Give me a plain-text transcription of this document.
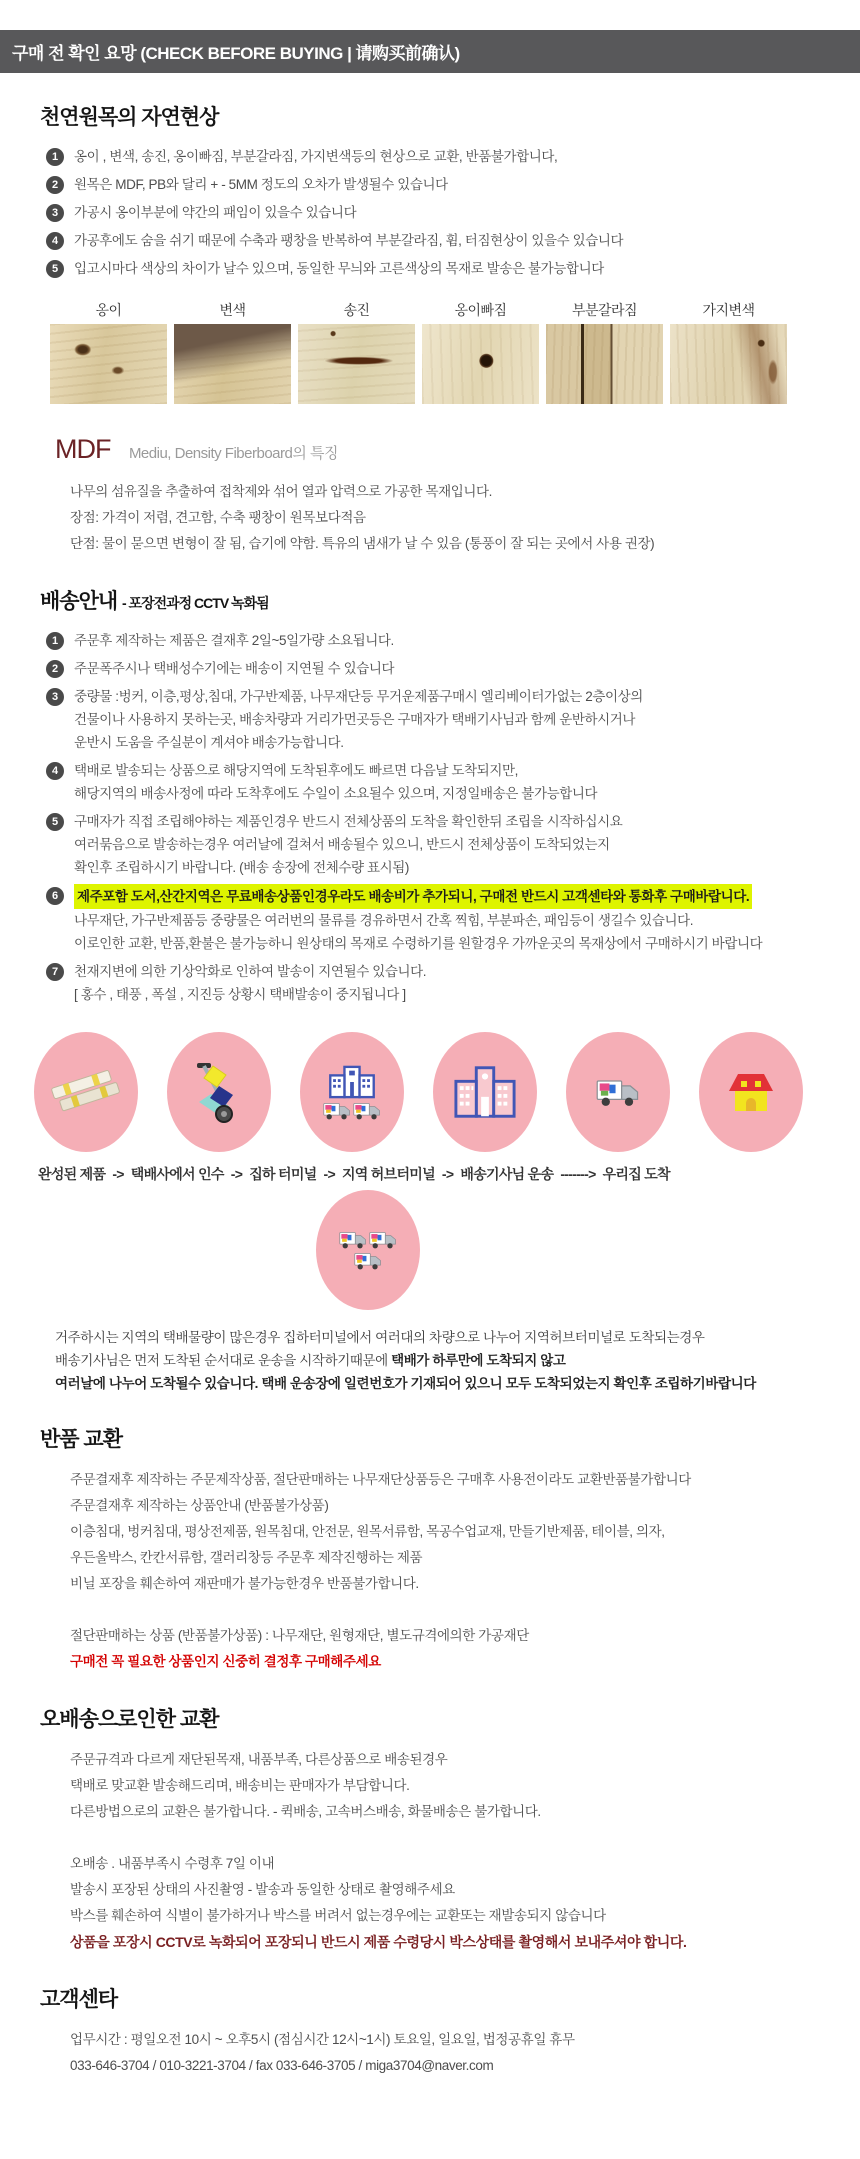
구매 전 확인 요망 (CHECK BEFORE BUYING | 请购买前确认)
천연원목의 자연현상
1	옹이 , 변색, 송진, 옹이빠짐, 부분갈라짐, 가지변색등의 현상으로 교환, 반품불가합니다,
2	원목은 MDF, PB와 달리 + - 5MM 정도의 오차가 발생될수 있습니다
3	가공시 옹이부분에 약간의 패임이 있을수 있습니다
4	가공후에도 숨을 쉬기 때문에 수축과 팽창을 반복하여 부분갈라짐, 휨, 터짐현상이 있을수 있습니다
5	입고시마다 색상의 차이가 날수 있으며, 동일한 무늬와 고른색상의 목재로 발송은 불가능합니다
옹이	변색	송진	옹이빠짐	부분갈라짐	가지변색
MDF Mediu, Density Fiberboard의 특징
나무의 섬유질을 추출하여 접착제와 섞어 열과 압력으로 가공한 목재입니다.
장점: 가격이 저렴, 견고함, 수축 팽창이 원목보다적음
단점: 물이 묻으면 변형이 잘 됨, 습기에 약함. 특유의 냄새가 날 수 있음 (통풍이 잘 되는 곳에서 사용 권장)
배송안내 - 포장전과정 CCTV 녹화됨
1	주문후 제작하는 제품은 결재후 2일~5일가량 소요됩니다.
2	주문폭주시나 택배성수기에는 배송이 지연될 수 있습니다
3	중량물 :벙커, 이층,평상,침대, 가구반제품, 나무재단등 무거운제품구매시 엘리베이터가없는 2층이상의
건물이나 사용하지 못하는곳, 배송차량과 거리가먼곳등은 구매자가 택배기사님과 함께 운반하시거나
운반시 도움을 주실분이 계셔야 배송가능합니다.
4	택배로 발송되는 상품으로 해당지역에 도착된후에도 빠르면 다음날 도착되지만,
해당지역의 배송사정에 따라 도착후에도 수일이 소요될수 있으며, 지정일배송은 불가능합니다
5	구매자가 직접 조립해야하는 제품인경우 반드시 전체상품의 도착을 확인한뒤 조립을 시작하십시요
여러묶음으로 발송하는경우 여러날에 걸쳐서 배송될수 있으니, 반드시 전체상품이 도착되었는지
확인후 조립하시기 바랍니다. (배송 송장에 전체수량 표시됨)
6	제주포함 도서,산간지역은 무료배송상품인경우라도 배송비가 추가되니, 구매전 반드시 고객센타와 통화후 구매바랍니다.
나무재단, 가구반제품등 중량물은 여러번의 물류를 경유하면서 간혹 찍힘, 부분파손, 패임등이 생길수 있습니다.
이로인한 교환, 반품,환불은 불가능하니 원상태의 목재로 수령하기를 원할경우 가까운곳의 목재상에서 구매하시기 바랍니다
7	천재지변에 의한 기상악화로 인하여 발송이 지연될수 있습니다.
[ 홍수 , 태풍 , 폭설 , 지진등 상황시 택배발송이 중지됩니다 ]
완성된 제품 -> 택배사에서 인수 -> 집하 터미널 -> 지역 허브터미널 -> 배송기사님 운송 -------> 우리집 도착
거주하시는 지역의 택배물량이 많은경우 집하터미널에서 여러대의 차량으로 나누어 지역허브터미널로 도착되는경우
배송기사님은 먼저 도착된 순서대로 운송을 시작하기때문에 택배가 하루만에 도착되지 않고
여러날에 나누어 도착될수 있습니다. 택배 운송장에 일련번호가 기재되어 있으니 모두 도착되었는지 확인후 조립하기바랍니다
반품 교환
주문결재후 제작하는 주문제작상품, 절단판매하는 나무재단상품등은 구매후 사용전이라도 교환반품불가합니다
주문결재후 제작하는 상품안내 (반품불가상품)
이층침대, 벙커침대, 평상전제품, 원목침대, 안전문, 원목서류함, 목공수업교재, 만들기반제품, 테이블, 의자,
우든올박스, 칸칸서류함, 갤러리창등 주문후 제작진행하는 제품
비닐 포장을 훼손하여 재판매가 불가능한경우 반품불가합니다.
절단판매하는 상품 (반품불가상품) : 나무재단, 원형재단, 별도규격에의한 가공재단
구매전 꼭 필요한 상품인지 신중히 결정후 구매해주세요
오배송으로인한 교환
주문규격과 다르게 재단된목재, 내품부족, 다른상품으로 배송된경우
택배로 맞교환 발송해드리며, 배송비는 판매자가 부담합니다.
다른방법으로의 교환은 불가합니다. - 퀵배송, 고속버스배송, 화물배송은 불가합니다.
오배송 . 내품부족시 수령후 7일 이내
발송시 포장된 상태의 사진촬영 - 발송과 동일한 상태로 촬영해주세요
박스를 훼손하여 식별이 불가하거나 박스를 버려서 없는경우에는 교환또는 재발송되지 않습니다
상품을 포장시 CCTV로 녹화되어 포장되니 반드시 제품 수령당시 박스상태를 촬영해서 보내주셔야 합니다.
고객센타
업무시간 : 평일오전 10시 ~ 오후5시 (점심시간 12시~1시) 토요일, 일요일, 법정공휴일 휴무
033-646-3704 / 010-3221-3704 / fax 033-646-3705 / miga3704@naver.com
